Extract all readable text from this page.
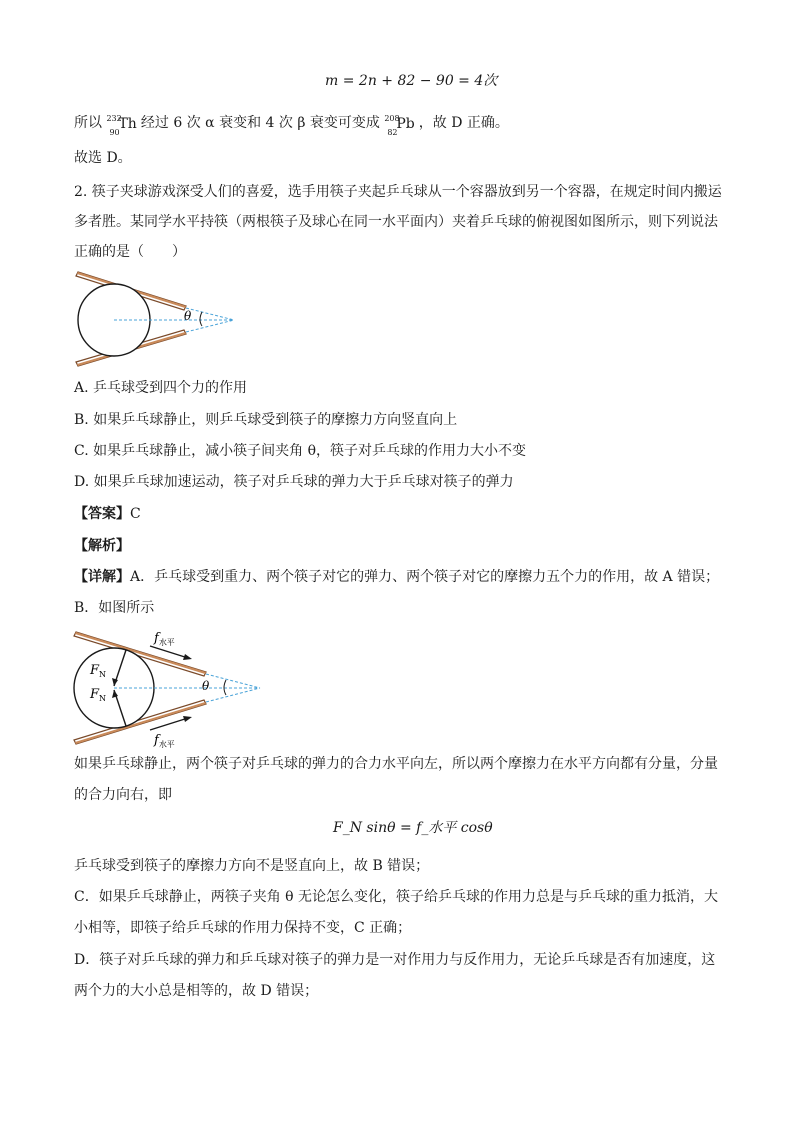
m = 2n + 82 − 90 = 4次
所以 232
90
Th 经过 6 次 α 衰变和 4 次 β 衰变可变成 208
82
Pb ，故 D 正确。
故选 D。
2. 筷子夹球游戏深受人们的喜爱，选手用筷子夹起乒乓球从一个容器放到另一个容器，在规定时间内搬运
多者胜。某同学水平持筷（两根筷子及球心在同一水平面内）夹着乒乓球的俯视图如图所示，则下列说法
正确的是（　　）
θ
A. 乒乓球受到四个力的作用
B. 如果乒乓球静止，则乒乓球受到筷子的摩擦力方向竖直向上
C. 如果乒乓球静止，减小筷子间夹角 θ，筷子对乒乓球的作用力大小不变
D. 如果乒乓球加速运动，筷子对乒乓球的弹力大于乒乓球对筷子的弹力
【答案】C
【解析】
【详解】A．乒乓球受到重力、两个筷子对它的弹力、两个筷子对它的摩擦力五个力的作用，故 A 错误；
B．如图所示
$f_{水平}$
$F_N$
$F_N$
θ
$f_{水平}$
如果乒乓球静止，两个筷子对乒乓球的弹力的合力水平向左，所以两个摩擦力在水平方向都有分量，分量
的合力向右，即
F_N sinθ = f_水平 cosθ
乒乓球受到筷子的摩擦力方向不是竖直向上，故 B 错误；
C．如果乒乓球静止，两筷子夹角 θ 无论怎么变化，筷子给乒乓球的作用力总是与乒乓球的重力抵消，大
小相等，即筷子给乒乓球的作用力保持不变，C 正确；
D．筷子对乒乓球的弹力和乒乓球对筷子的弹力是一对作用力与反作用力，无论乒乓球是否有加速度，这
两个力的大小总是相等的，故 D 错误；
